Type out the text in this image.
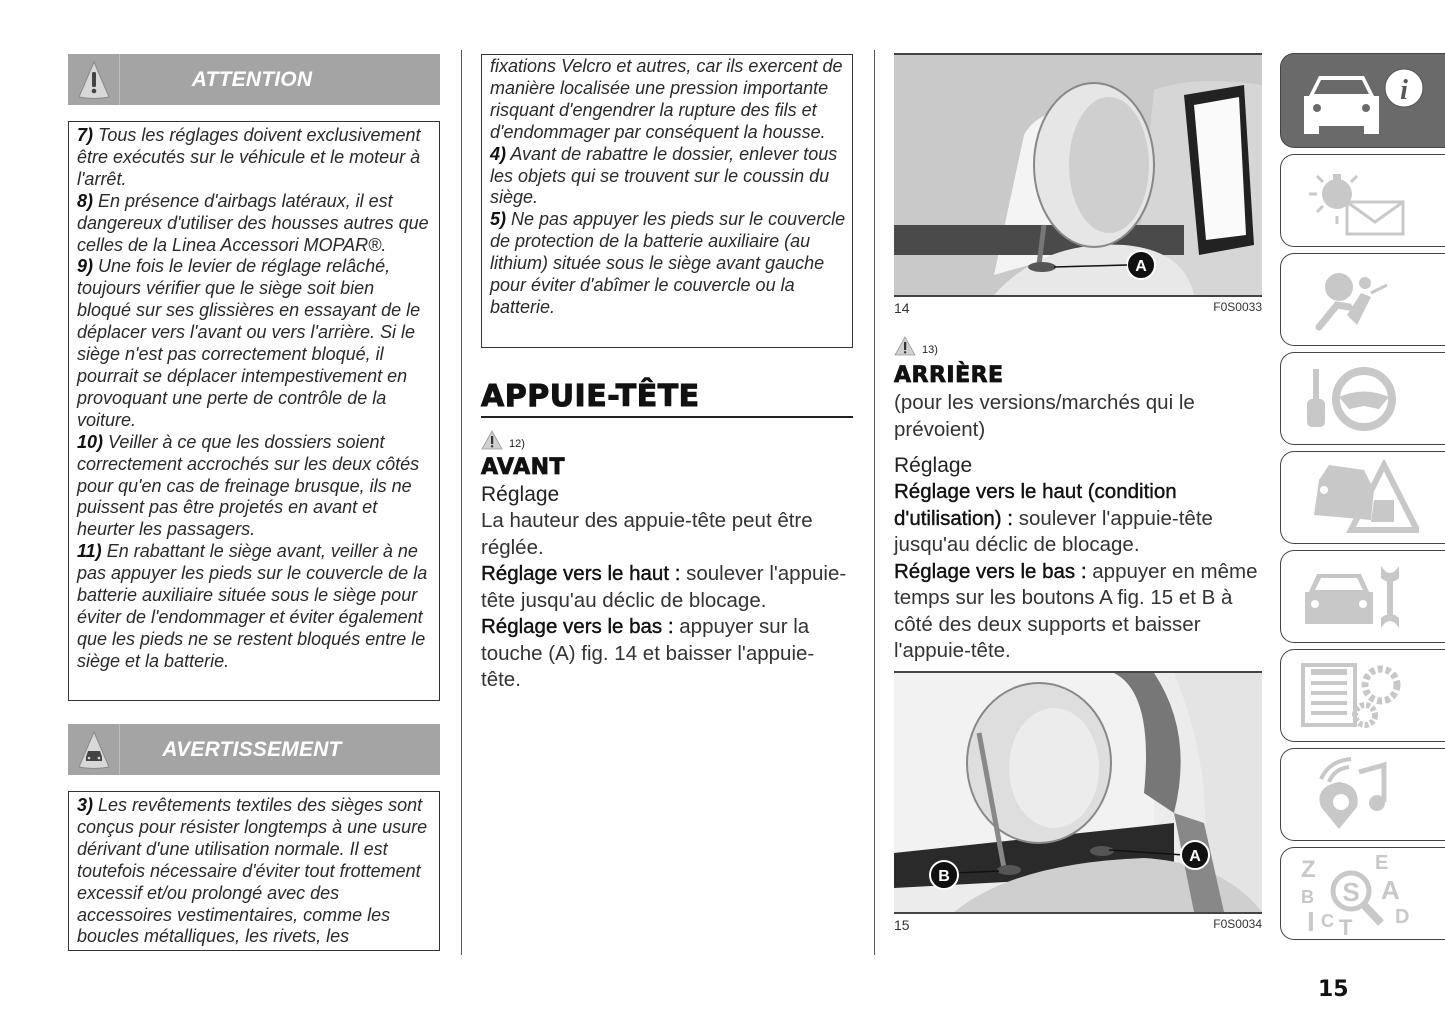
ATTENTION
7) Tous les réglages doivent exclusivement être exécutés sur le véhicule et le moteur à l'arrêt.
8) En présence d'airbags latéraux, il est dangereux d'utiliser des housses autres que celles de la Linea Accessori MOPAR®.
9) Une fois le levier de réglage relâché, toujours vérifier que le siège soit bien bloqué sur ses glissières en essayant de le déplacer vers l'avant ou vers l'arrière. Si le siège n'est pas correctement bloqué, il pourrait se déplacer intempestivement en provoquant une perte de contrôle de la voiture.
10) Veiller à ce que les dossiers soient correctement accrochés sur les deux côtés pour qu'en cas de freinage brusque, ils ne puissent pas être projetés en avant et heurter les passagers.
11) En rabattant le siège avant, veiller à ne pas appuyer les pieds sur le couvercle de la batterie auxiliaire située sous le siège pour éviter de l'endommager et éviter également que les pieds ne se restent bloqués entre le siège et la batterie.
AVERTISSEMENT
3) Les revêtements textiles des sièges sont conçus pour résister longtemps à une usure dérivant d'une utilisation normale. Il est toutefois nécessaire d'éviter tout frottement excessif et/ou prolongé avec des accessoires vestimentaires, comme les boucles métalliques, les rivets, les
fixations Velcro et autres, car ils exercent de manière localisée une pression importante risquant d'engendrer la rupture des fils et d'endommager par conséquent la housse.
4) Avant de rabattre le dossier, enlever tous les objets qui se trouvent sur le coussin du siège.
5) Ne pas appuyer les pieds sur le couvercle de protection de la batterie auxiliaire (au lithium) située sous le siège avant gauche pour éviter d'abîmer le couvercle ou la batterie.
APPUIE-TÊTE
12)
AVANT
Réglage
La hauteur des appuie-tête peut être réglée.
Réglage vers le haut : soulever l'appuie-tête jusqu'au déclic de blocage.
Réglage vers le bas : appuyer sur la touche (A) fig. 14 et baisser l'appuie-tête.
A
14	F0S0033
13)
ARRIÈRE
(pour les versions/marchés qui le prévoient)
Réglage
Réglage vers le haut (condition d'utilisation) : soulever l'appuie-tête jusqu'au déclic de blocage.
Réglage vers le bas : appuyer en même temps sur les boutons A fig. 15 et B à côté des deux supports et baisser l'appuie-tête.
A
B
15	F0S0034
i
Z
B
I C T
E
A
D
S
15
